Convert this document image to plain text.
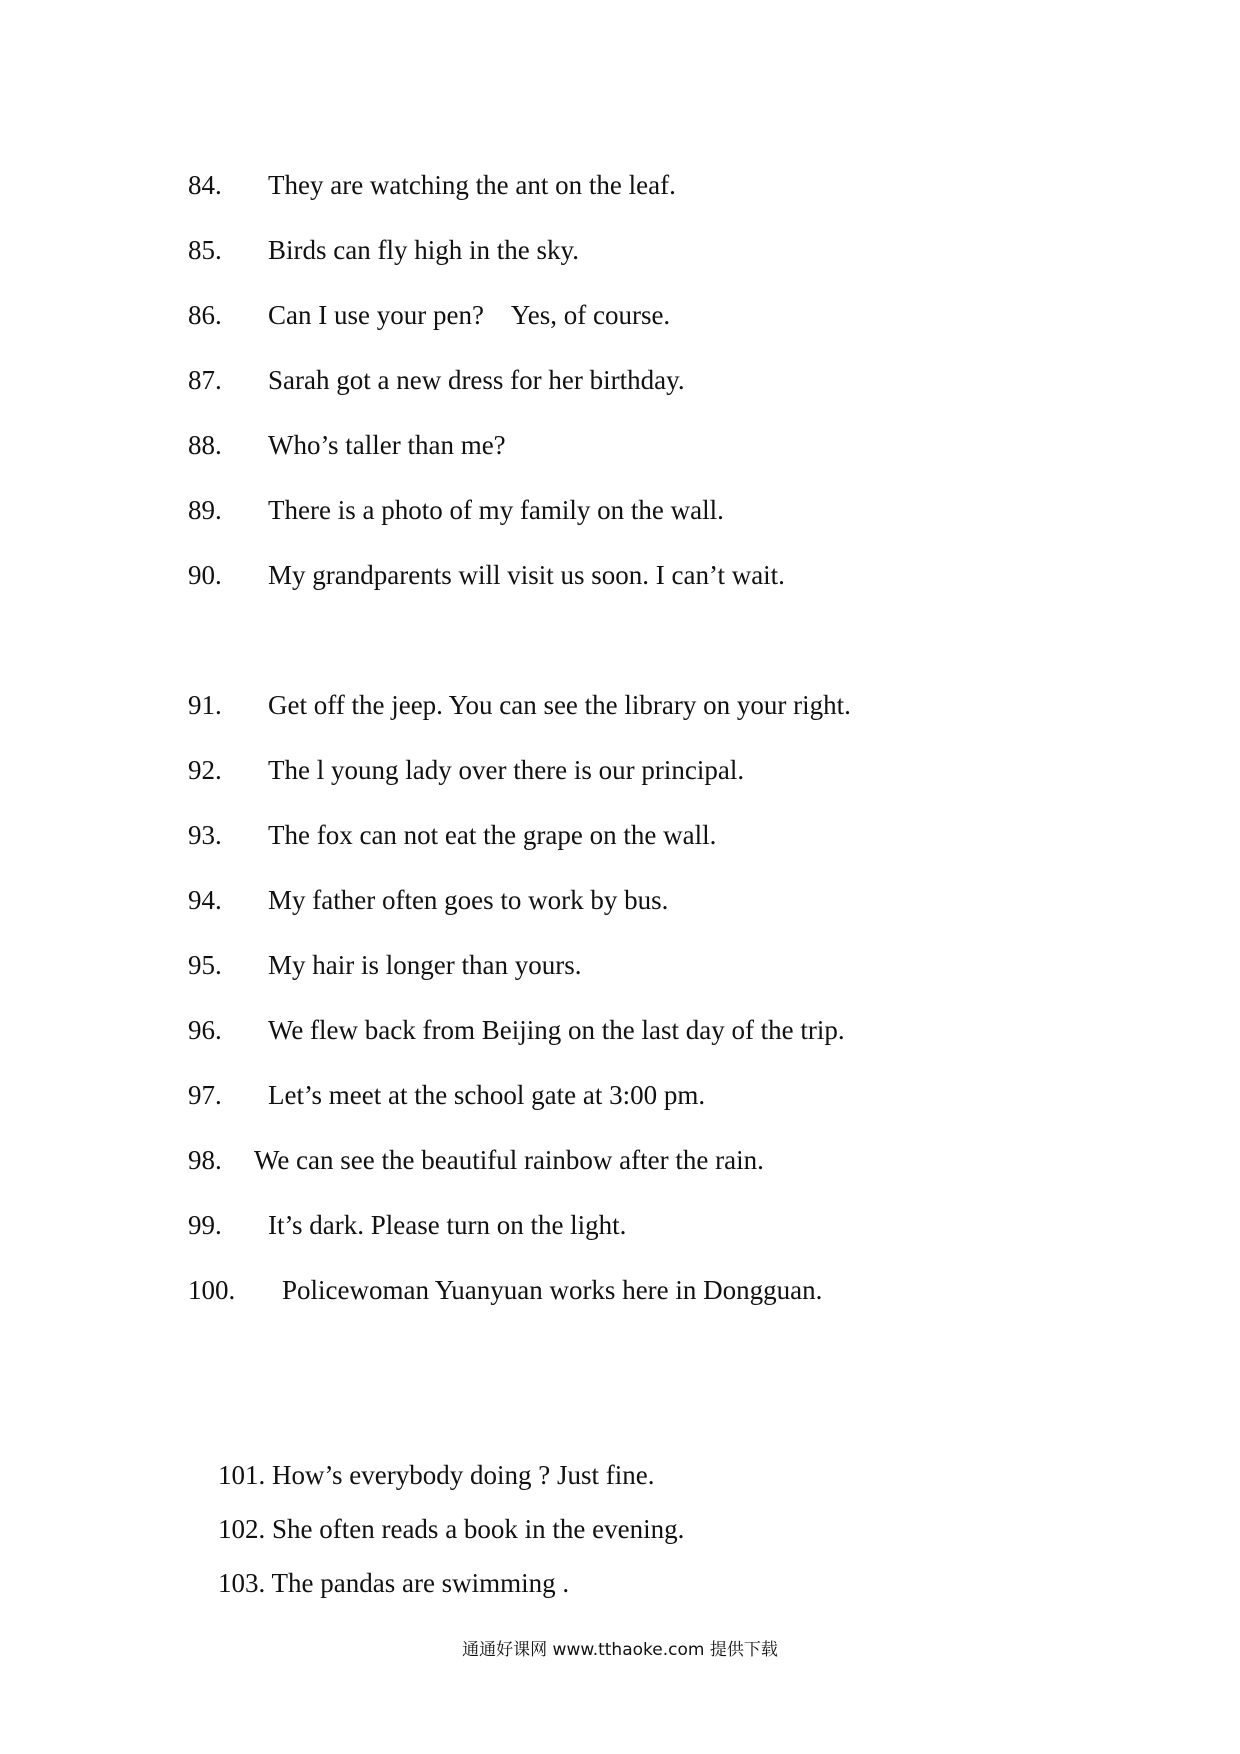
84. They are watching the ant on the leaf.
85. Birds can fly high in the sky.
86. Can I use your pen?    Yes, of course.
87. Sarah got a new dress for her birthday.
88. Who’s taller than me?
89. There is a photo of my family on the wall.
90. My grandparents will visit us soon. I can’t wait.
91. Get off the jeep. You can see the library on your right.
92. The l young lady over there is our principal.
93. The fox can not eat the grape on the wall.
94. My father often goes to work by bus.
95. My hair is longer than yours.
96. We flew back from Beijing on the last day of the trip.
97. Let’s meet at the school gate at 3:00 pm.
98. We can see the beautiful rainbow after the rain.
99. It’s dark. Please turn on the light.
100. Policewoman Yuanyuan works here in Dongguan.
101. How’s everybody doing ? Just fine.
102. She often reads a book in the evening.
103. The pandas are swimming .
通通好课网 www.tthaoke.com 提供下载
